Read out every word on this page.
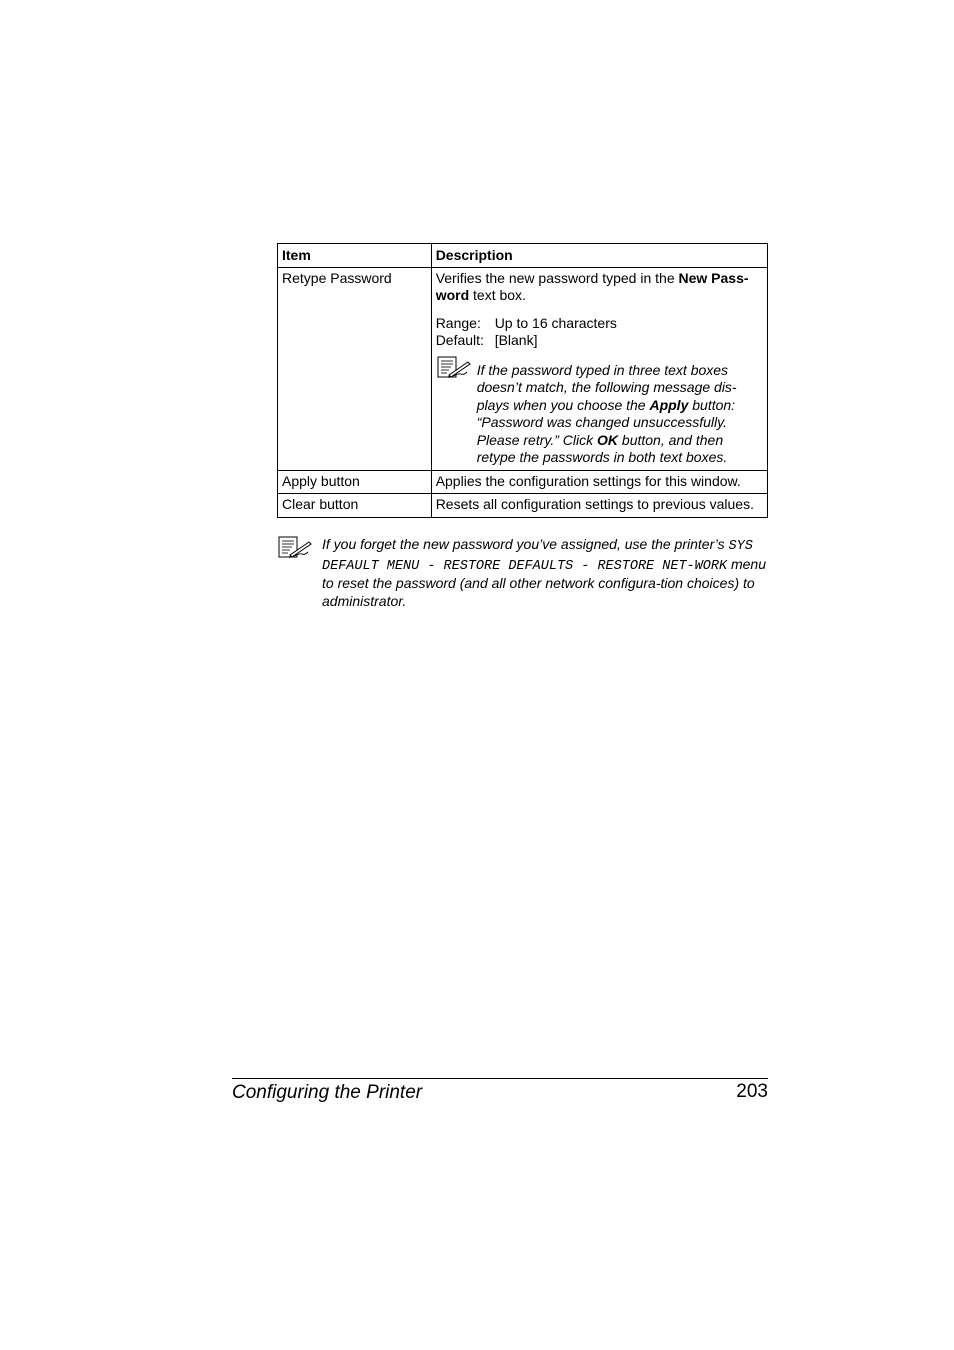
Item	Description
Retype Password	Verifies the new password typed in the New Pass-word text box.

Range: Up to 16 characters

Default: [Blank]

If the password typed in three text boxes doesn’t match, the following message dis-plays when you choose the Apply button: “Password was changed unsuccessfully. Please retry.” Click OK button, and then retype the passwords in both text boxes.

Apply button	Applies the configuration settings for this window.
Clear button	Resets all configuration settings to previous values.
If you forget the new password you’ve assigned, use the printer’s SYS DEFAULT MENU - RESTORE DEFAULTS - RESTORE NET-WORK menu to reset the password (and all other network configura-tion choices) to administrator.
Configuring the Printer	203
